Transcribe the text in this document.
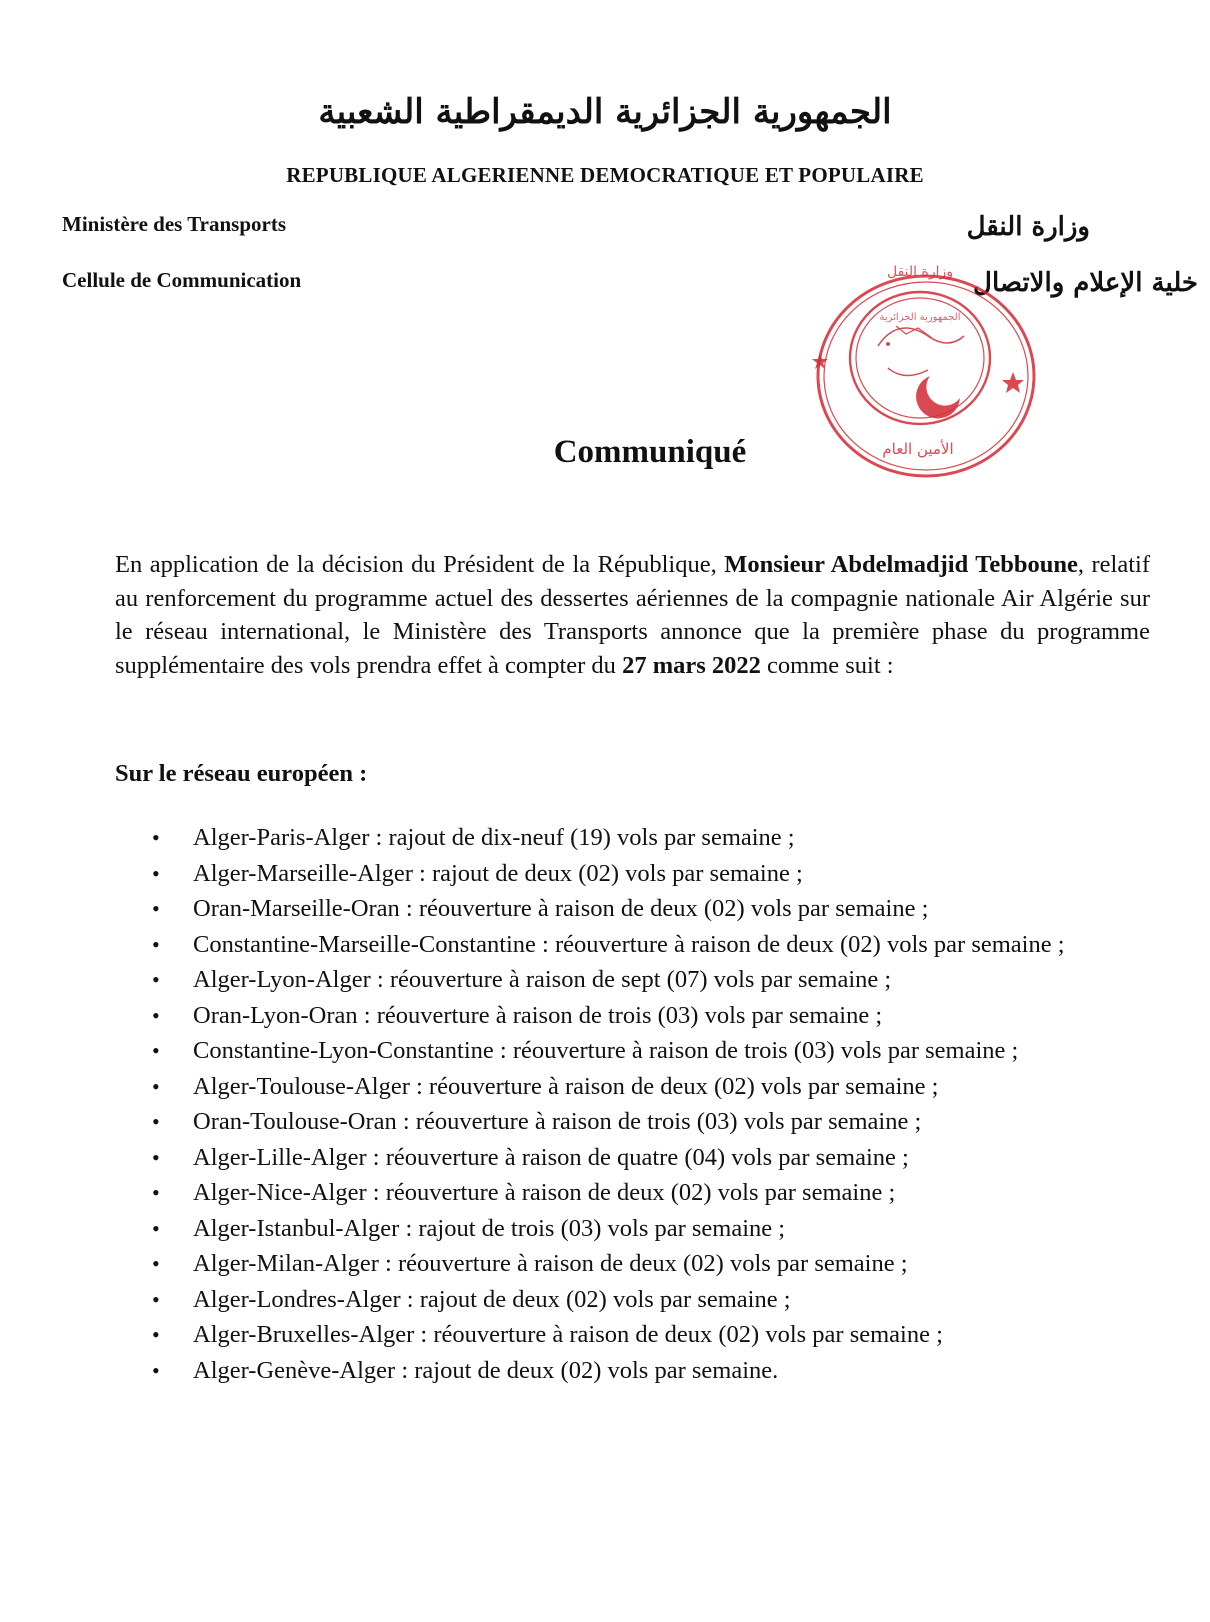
الجمهورية الجزائرية الديمقراطية الشعبية
REPUBLIQUE ALGERIENNE DEMOCRATIQUE ET POPULAIRE
Ministère des Transports
Cellule de Communication
وزارة النقل
خلية الإعلام والاتصال
وزارة النقل
الجمهورية الجزائرية
الأمين العام
Communiqué
En application de la décision du Président de la République, Monsieur Abdelmadjid Tebboune, relatif au renforcement du programme actuel des dessertes aériennes de la compagnie nationale Air Algérie sur le réseau international, le Ministère des Transports annonce que la première phase du programme supplémentaire des vols prendra effet à compter du 27 mars 2022 comme suit :
Sur le réseau européen :
• Alger-Paris-Alger : rajout de dix-neuf (19) vols par semaine ;
• Alger-Marseille-Alger : rajout de deux (02) vols par semaine ;
• Oran-Marseille-Oran : réouverture à raison de deux (02) vols par semaine ;
• Constantine-Marseille-Constantine : réouverture à raison de deux (02) vols par semaine ;
• Alger-Lyon-Alger : réouverture à raison de sept (07) vols par semaine ;
• Oran-Lyon-Oran : réouverture à raison de trois (03) vols par semaine ;
• Constantine-Lyon-Constantine : réouverture à raison de trois (03) vols par semaine ;
• Alger-Toulouse-Alger : réouverture à raison de deux (02) vols par semaine ;
• Oran-Toulouse-Oran : réouverture à raison de trois (03) vols par semaine ;
• Alger-Lille-Alger : réouverture à raison de quatre (04) vols par semaine ;
• Alger-Nice-Alger : réouverture à raison de deux (02) vols par semaine ;
• Alger-Istanbul-Alger : rajout de trois (03) vols par semaine ;
• Alger-Milan-Alger : réouverture à raison de deux (02) vols par semaine ;
• Alger-Londres-Alger : rajout de deux (02) vols par semaine ;
• Alger-Bruxelles-Alger : réouverture à raison de deux (02) vols par semaine ;
• Alger-Genève-Alger : rajout de deux (02) vols par semaine.
